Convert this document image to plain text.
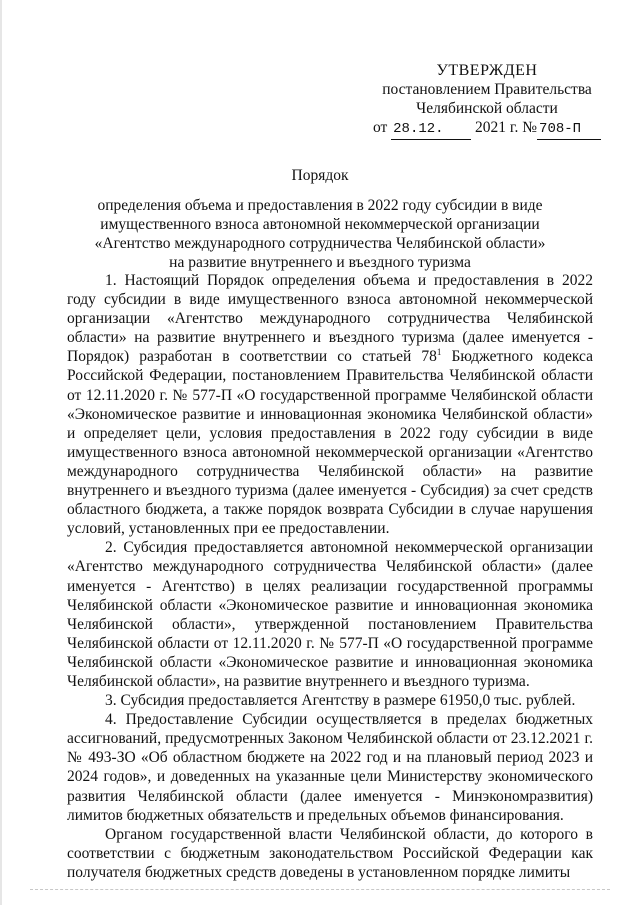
УТВЕРЖДЕН
постановлением Правительства
Челябинской области
от 28.12. 2021 г. № 708-П
Порядок
определения объема и предоставления в 2022 году субсидии в виде
имущественного взноса автономной некоммерческой организации
«Агентство международного сотрудничества Челябинской области»
на развитие внутреннего и въездного туризма

1. Настоящий Порядок определения объема и предоставления в 2022 году субсидии в виде имущественного взноса автономной некоммерческой организации «Агентство международного сотрудничества Челябинской области» на развитие внутреннего и въездного туризма (далее именуется - Порядок) разработан в соответствии со статьей $78^1$ Бюджетного кодекса Российской Федерации, постановлением Правительства Челябинской области от 12.11.2020 г. № 577-П «О государственной программе Челябинской области «Экономическое развитие и инновационная экономика Челябинской области» и определяет цели, условия предоставления в 2022 году субсидии в виде имущественного взноса автономной некоммерческой организации «Агентство международного сотрудничества Челябинской области» на развитие внутреннего и въездного туризма (далее именуется - Субсидия) за счет средств областного бюджета, а также порядок возврата Субсидии в случае нарушения условий, установленных при ее предоставлении.

2. Субсидия предоставляется автономной некоммерческой организации «Агентство международного сотрудничества Челябинской области» (далее именуется - Агентство) в целях реализации государственной программы Челябинской области «Экономическое развитие и инновационная экономика Челябинской области», утвержденной постановлением Правительства Челябинской области от 12.11.2020 г. № 577-П «О государственной программе Челябинской области «Экономическое развитие и инновационная экономика Челябинской области», на развитие внутреннего и въездного туризма.

3. Субсидия предоставляется Агентству в размере 61950,0 тыс. рублей.

4. Предоставление Субсидии осуществляется в пределах бюджетных ассигнований, предусмотренных Законом Челябинской области от 23.12.2021 г. № 493-ЗО «Об областном бюджете на 2022 год и на плановый период 2023 и 2024 годов», и доведенных на указанные цели Министерству экономического развития Челябинской области (далее именуется - Минэкономразвития) лимитов бюджетных обязательств и предельных объемов финансирования.

Органом государственной власти Челябинской области, до которого в соответствии с бюджетным законодательством Российской Федерации как получателя бюджетных средств доведены в установленном порядке лимиты
